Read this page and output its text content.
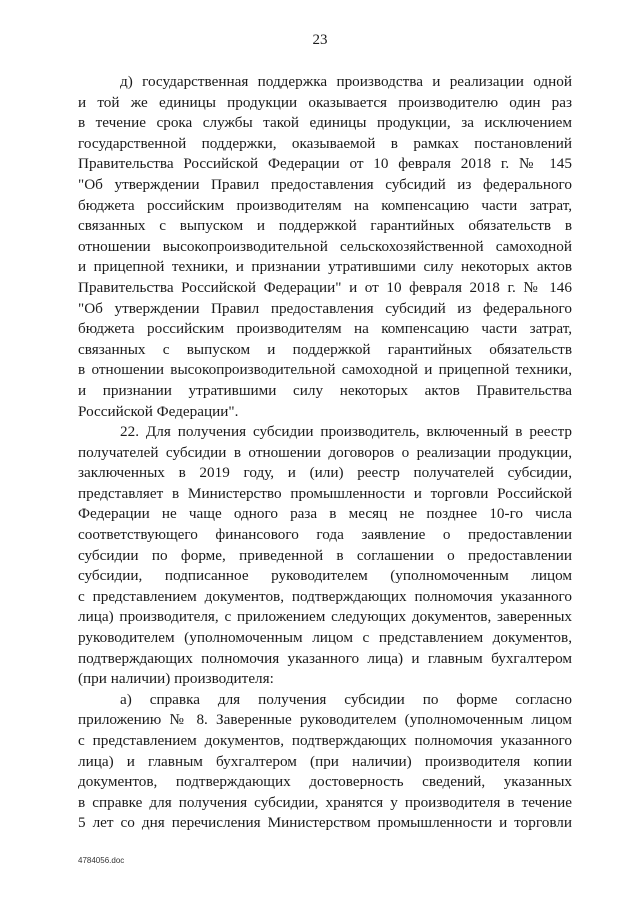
23
д) государственная поддержка производства и реализации одной
и той же единицы продукции оказывается производителю один раз
в течение срока службы такой единицы продукции, за исключением
государственной поддержки, оказываемой в рамках постановлений
Правительства Российской Федерации от 10 февраля 2018 г. № 145
"Об утверждении Правил предоставления субсидий из федерального
бюджета российским производителям на компенсацию части затрат,
связанных с выпуском и поддержкой гарантийных обязательств в
отношении высокопроизводительной сельскохозяйственной самоходной
и прицепной техники, и признании утратившими силу некоторых актов
Правительства Российской Федерации" и от 10 февраля 2018 г. № 146
"Об утверждении Правил предоставления субсидий из федерального
бюджета российским производителям на компенсацию части затрат,
связанных с выпуском и поддержкой гарантийных обязательств
в отношении высокопроизводительной самоходной и прицепной техники,
и признании утратившими силу некоторых актов Правительства
Российской Федерации".
22. Для получения субсидии производитель, включенный в реестр
получателей субсидии в отношении договоров о реализации продукции,
заключенных в 2019 году, и (или) реестр получателей субсидии,
представляет в Министерство промышленности и торговли Российской
Федерации не чаще одного раза в месяц не позднее 10-го числа
соответствующего финансового года заявление о предоставлении
субсидии по форме, приведенной в соглашении о предоставлении
субсидии, подписанное руководителем (уполномоченным лицом
с представлением документов, подтверждающих полномочия указанного
лица) производителя, с приложением следующих документов, заверенных
руководителем (уполномоченным лицом с представлением документов,
подтверждающих полномочия указанного лица) и главным бухгалтером
(при наличии) производителя:
а) справка для получения субсидии по форме согласно
приложению № 8. Заверенные руководителем (уполномоченным лицом
с представлением документов, подтверждающих полномочия указанного
лица) и главным бухгалтером (при наличии) производителя копии
документов, подтверждающих достоверность сведений, указанных
в справке для получения субсидии, хранятся у производителя в течение
5 лет со дня перечисления Министерством промышленности и торговли
4784056.doc
